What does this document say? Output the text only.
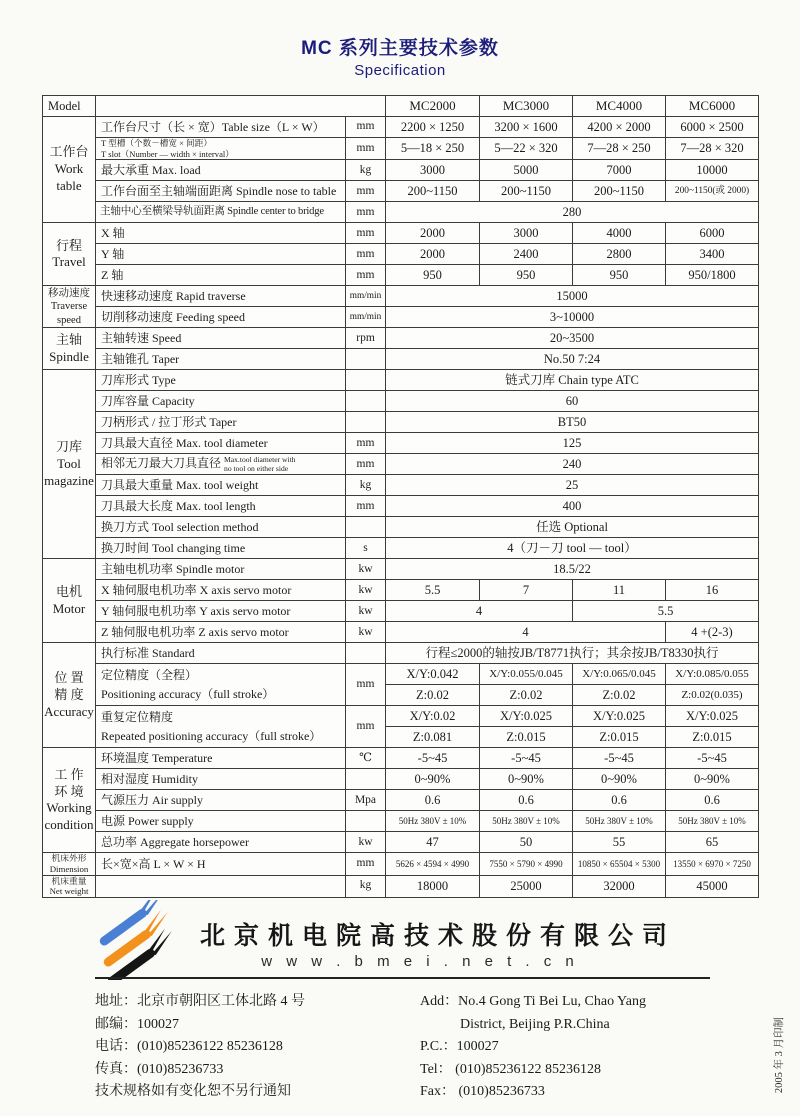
MC 系列主要技术参数
Specification
Model			MC2000	MC3000	MC4000	MC6000
工作台
Work
table	工作台尺寸（长 × 宽）Table size（L × W）	mm	2200 × 1250	3200 × 1600	4200 × 2000	6000 × 2500
	T 型槽（个数－槽宽 × 间距）
T slot（Number — width × interval）	mm	5—18 × 250	5—22 × 320	7—28 × 250	7—28 × 320
	最大承重 Max. load	kg	3000	5000	7000	10000
	工作台面至主轴端面距离 Spindle nose to table	mm	200~1150	200~1150	200~1150	200~1150(或 2000)
	主轴中心至横梁导轨面距离 Spindle center to bridge	mm	280			
行程
Travel	X 轴	mm	2000	3000	4000	6000
	Y 轴	mm	2000	2400	2800	3400
	Z 轴	mm	950	950	950	950/1800
移动速度
Traverse
speed	快速移动速度 Rapid traverse	mm/min	15000			
	切削移动速度 Feeding speed	mm/min	3~10000			
主轴
Spindle	主轴转速 Speed	rpm	20~3500			
	主轴锥孔 Taper		No.50 7:24			
刀库
Tool
magazine	刀库形式 Type		链式刀库 Chain type ATC			
	刀库容量 Capacity		60			
	刀柄形式 / 拉丁形式 Taper		BT50			
	刀具最大直径 Max. tool diameter	mm	125			
	相邻无刀最大刀具直径 Max.tool diameter with
no tool on either side	mm	240			
	刀具最大重量 Max. tool weight	kg	25			
	刀具最大长度 Max. tool length	mm	400			
	换刀方式 Tool selection method		任选 Optional			
	换刀时间 Tool changing time	s	4（刀－刀 tool — tool）			
电机
Motor	主轴电机功率 Spindle motor	kw	18.5/22			
	X 轴伺服电机功率 X axis servo motor	kw	5.5	7	11	16
	Y 轴伺服电机功率 Y axis servo motor	kw	4		5.5	
	Z 轴伺服电机功率 Z axis servo motor	kw	4			4 +(2-3)
位 置
精 度
Accuracy	执行标准 Standard		行程≤2000的轴按JB/T8771执行；其余按JB/T8330执行			
	定位精度（全程）
Positioning accuracy（full stroke）	mm	X/Y:0.042	X/Y:0.055/0.045	X/Y:0.065/0.045	X/Y:0.085/0.055
			Z:0.02	Z:0.02	Z:0.02	Z:0.02(0.035)
	重复定位精度
Repeated positioning accuracy（full stroke）	mm	X/Y:0.02	X/Y:0.025	X/Y:0.025	X/Y:0.025
			Z:0.081	Z:0.015	Z:0.015	Z:0.015
工 作
环 境
Working
condition	环境温度 Temperature	℃	-5~45	-5~45	-5~45	-5~45
	相对湿度 Humidity		0~90%	0~90%	0~90%	0~90%
	气源压力 Air supply	Mpa	0.6	0.6	0.6	0.6
	电源 Power supply		50Hz 380V ± 10%	50Hz 380V ± 10%	50Hz 380V ± 10%	50Hz 380V ± 10%
	总功率 Aggregate horsepower	kw	47	50	55	65
机床外形
Dimension	长×宽×高 L × W × H	mm	5626 × 4594 × 4990	7550 × 5790 × 4990	10850 × 65504 × 5300	13550 × 6970 × 7250
机床重量
Net weight		kg	18000	25000	32000	45000
北京机电院高技术股份有限公司
w w w . b m e i . n e t . c n
地址：北京市朝阳区工体北路 4 号
邮编：100027
电话：(010)85236122 85236128
传真：(010)85236733
技术规格如有变化恕不另行通知
Add：No.4 Gong Ti Bei Lu, Chao Yang
District, Beijing P.R.China
P.C.：100027
Tel： (010)85236122 85236128
Fax： (010)85236733	2005 年 3 月印制
